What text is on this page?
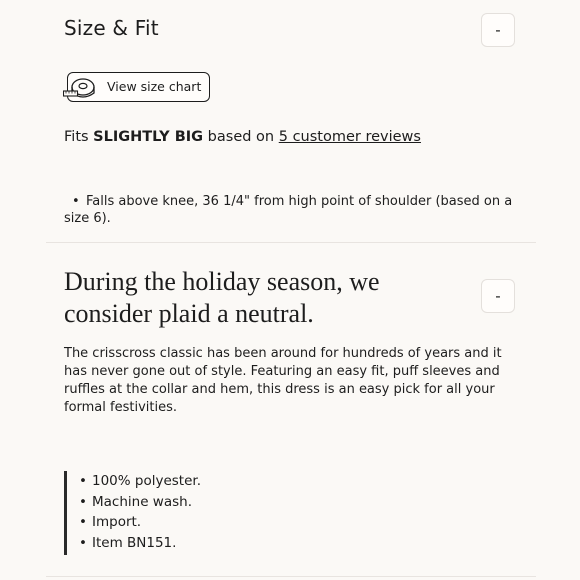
Size & Fit	-
View size chart
Fits SLIGHTLY BIG based on 5 customer reviews
• Falls above knee, 36 1/4" from high point of shoulder (based on a size 6).
During the holiday season, we consider plaid a neutral.
-
The crisscross classic has been around for hundreds of years and it has never gone out of style. Featuring an easy fit, puff sleeves and ruffles at the collar and hem, this dress is an easy pick for all your formal festivities.
• 100% polyester.
• Machine wash.
• Import.
• Item BN151.
